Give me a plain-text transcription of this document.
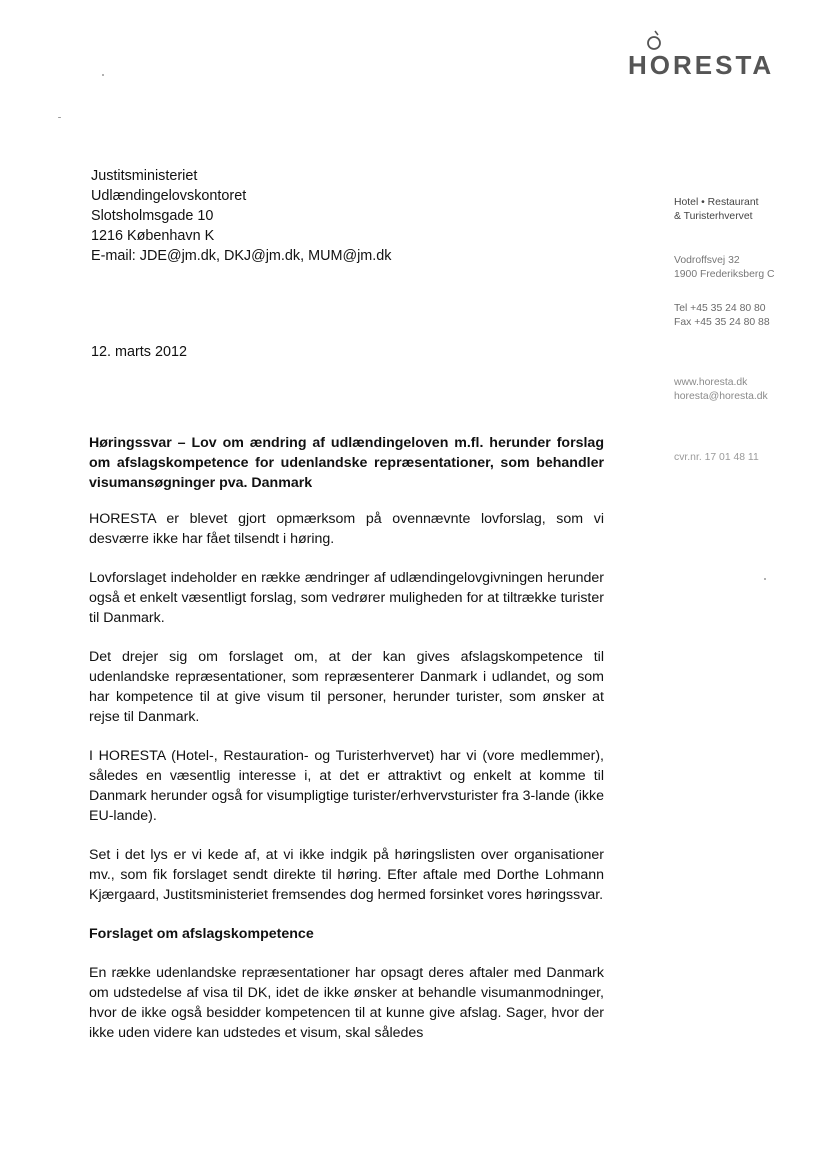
HORESTA
Hotel • Restaurant
& Turisterhvervet
Vodroffsvej 32
1900 Frederiksberg C
Tel +45 35 24 80 80
Fax +45 35 24 80 88
www.horesta.dk
horesta@horesta.dk
cvr.nr. 17 01 48 11
Justitsministeriet
Udlændingelovskontoret
Slotsholmsgade 10
1216 København K
E-mail: JDE@jm.dk, DKJ@jm.dk, MUM@jm.dk
12. marts 2012
Høringssvar – Lov om ændring af udlændingeloven m.fl. herunder forslag om afslagskompetence for udenlandske repræsentationer, som behandler visumansøgninger pva. Danmark
HORESTA er blevet gjort opmærksom på ovennævnte lovforslag, som vi desværre ikke har fået tilsendt i høring.
Lovforslaget indeholder en række ændringer af udlændingelovgivningen herunder også et enkelt væsentligt forslag, som vedrører muligheden for at tiltrække turister til Danmark.
Det drejer sig om forslaget om, at der kan gives afslagskompetence til udenlandske repræsentationer, som repræsenterer Danmark i udlandet, og som har kompetence til at give visum til personer, herunder turister, som ønsker at rejse til Danmark.
I HORESTA (Hotel-, Restauration- og Turisterhvervet) har vi (vore medlemmer), således en væsentlig interesse i, at det er attraktivt og enkelt at komme til Danmark herunder også for visumpligtige turister/erhvervsturister fra 3-lande (ikke EU-lande).
Set i det lys er vi kede af, at vi ikke indgik på høringslisten over organisationer mv., som fik forslaget sendt direkte til høring. Efter aftale med Dorthe Lohmann Kjærgaard, Justitsministeriet fremsendes dog hermed forsinket vores høringssvar.
Forslaget om afslagskompetence
En række udenlandske repræsentationer har opsagt deres aftaler med Danmark om udstedelse af visa til DK, idet de ikke ønsker at behandle visumanmodninger, hvor de ikke også besidder kompetencen til at kunne give afslag. Sager, hvor der ikke uden videre kan udstedes et visum, skal således
